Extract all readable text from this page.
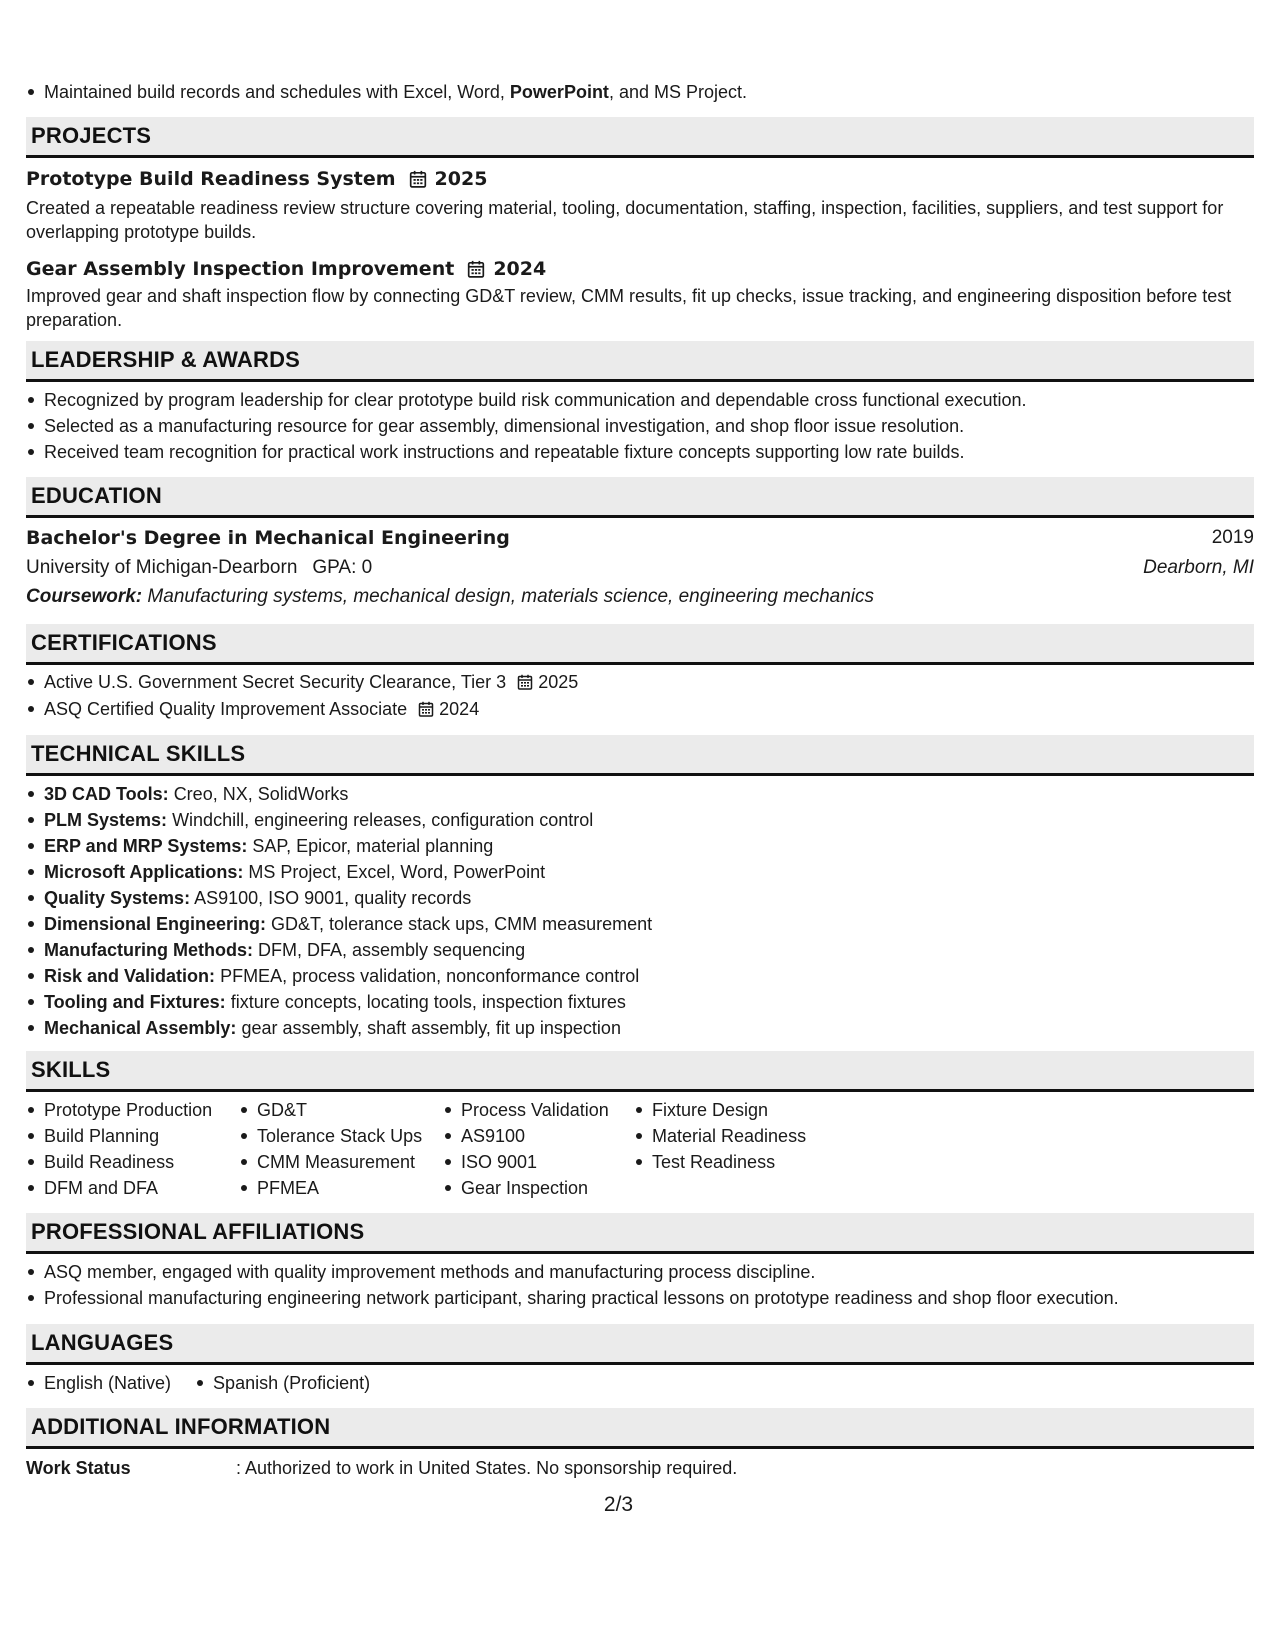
Maintained build records and schedules with Excel, Word, PowerPoint, and MS Project.
PROJECTS
Prototype Build Readiness System 2025
Created a repeatable readiness review structure covering material, tooling, documentation, staffing, inspection, facilities, suppliers, and test support for overlapping prototype builds.
Gear Assembly Inspection Improvement 2024
Improved gear and shaft inspection flow by connecting GD&T review, CMM results, fit up checks, issue tracking, and engineering disposition before test preparation.
LEADERSHIP & AWARDS
Recognized by program leadership for clear prototype build risk communication and dependable cross functional execution.
Selected as a manufacturing resource for gear assembly, dimensional investigation, and shop floor issue resolution.
Received team recognition for practical work instructions and repeatable fixture concepts supporting low rate builds.
EDUCATION
Bachelor's Degree in Mechanical Engineering	2019
University of Michigan-Dearborn GPA: 0	Dearborn, MI
Coursework: Manufacturing systems, mechanical design, materials science, engineering mechanics
CERTIFICATIONS
Active U.S. Government Secret Security Clearance, Tier 3 2025
ASQ Certified Quality Improvement Associate 2024
TECHNICAL SKILLS
3D CAD Tools: Creo, NX, SolidWorks
PLM Systems: Windchill, engineering releases, configuration control
ERP and MRP Systems: SAP, Epicor, material planning
Microsoft Applications: MS Project, Excel, Word, PowerPoint
Quality Systems: AS9100, ISO 9001, quality records
Dimensional Engineering: GD&T, tolerance stack ups, CMM measurement
Manufacturing Methods: DFM, DFA, assembly sequencing
Risk and Validation: PFMEA, process validation, nonconformance control
Tooling and Fixtures: fixture concepts, locating tools, inspection fixtures
Mechanical Assembly: gear assembly, shaft assembly, fit up inspection
SKILLS
Prototype Production
Build Planning
Build Readiness
DFM and DFA
GD&T
Tolerance Stack Ups
CMM Measurement
PFMEA
Process Validation
AS9100
ISO 9001
Gear Inspection
Fixture Design
Material Readiness
Test Readiness
PROFESSIONAL AFFILIATIONS
ASQ member, engaged with quality improvement methods and manufacturing process discipline.
Professional manufacturing engineering network participant, sharing practical lessons on prototype readiness and shop floor execution.
LANGUAGES
English (Native)	Spanish (Proficient)
ADDITIONAL INFORMATION
Work Status	: Authorized to work in United States. No sponsorship required.
2/3
